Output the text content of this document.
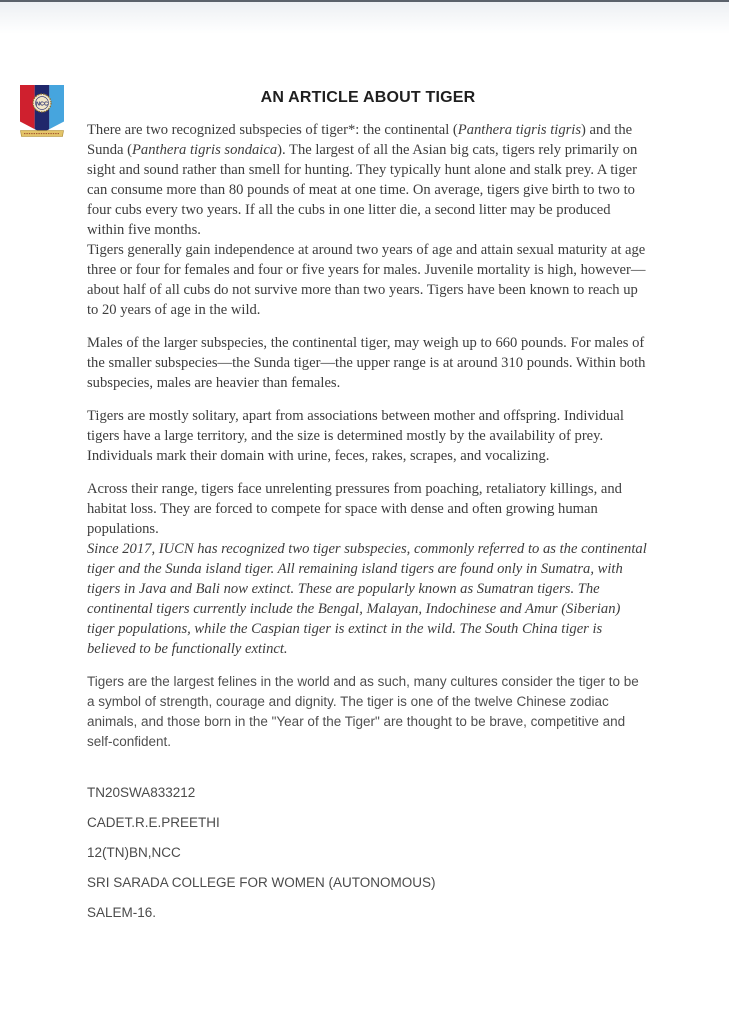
NCC	AN ARTICLE ABOUT TIGER

There are two recognized subspecies of tiger*: the continental (Panthera tigris tigris) and the Sunda (Panthera tigris sondaica). The largest of all the Asian big cats, tigers rely primarily on sight and sound rather than smell for hunting. They typically hunt alone and stalk prey. A tiger can consume more than 80 pounds of meat at one time. On average, tigers give birth to two to four cubs every two years. If all the cubs in one litter die, a second litter may be produced within five months.

Tigers generally gain independence at around two years of age and attain sexual maturity at age three or four for females and four or five years for males. Juvenile mortality is high, however—about half of all cubs do not survive more than two years. Tigers have been known to reach up to 20 years of age in the wild.

Males of the larger subspecies, the continental tiger, may weigh up to 660 pounds. For males of the smaller subspecies—the Sunda tiger—the upper range is at around 310 pounds. Within both subspecies, males are heavier than females.

Tigers are mostly solitary, apart from associations between mother and offspring. Individual tigers have a large territory, and the size is determined mostly by the availability of prey. Individuals mark their domain with urine, feces, rakes, scrapes, and vocalizing.

Across their range, tigers face unrelenting pressures from poaching, retaliatory killings, and habitat loss. They are forced to compete for space with dense and often growing human populations.

Since 2017, IUCN has recognized two tiger subspecies, commonly referred to as the continental tiger and the Sunda island tiger. All remaining island tigers are found only in Sumatra, with tigers in Java and Bali now extinct. These are popularly known as Sumatran tigers. The continental tigers currently include the Bengal, Malayan, Indochinese and Amur (Siberian) tiger populations, while the Caspian tiger is extinct in the wild. The South China tiger is believed to be functionally extinct.

Tigers are the largest felines in the world and as such, many cultures consider the tiger to be a symbol of strength, courage and dignity. The tiger is one of the twelve Chinese zodiac animals, and those born in the "Year of the Tiger" are thought to be brave, competitive and self-confident.

TN20SWA833212

CADET.R.E.PREETHI

12(TN)BN,NCC

SRI SARADA COLLEGE FOR WOMEN (AUTONOMOUS)

SALEM-16.
